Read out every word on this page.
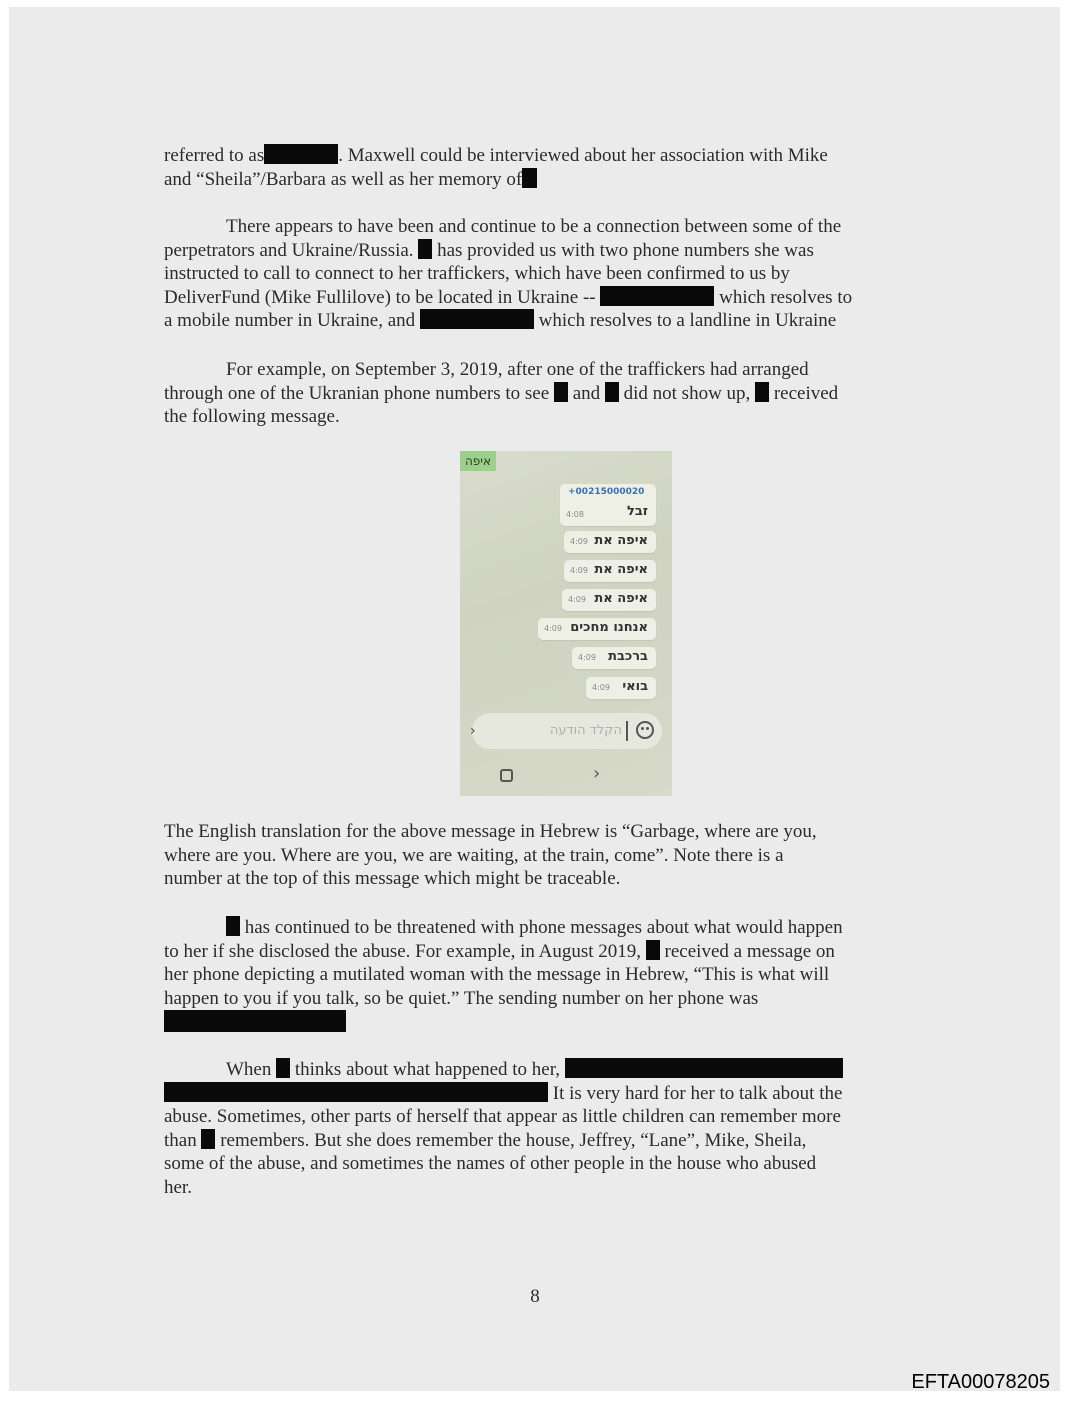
referred to as	. Maxwell could be interviewed about her association with Mike
and “Sheila”/Barbara as well as her memory of
There appears to have been and continue to be a connection between some of the
perpetrators and Ukraine/Russia.  has provided us with two phone numbers she was
instructed to call to connect to her traffickers, which have been confirmed to us by
DeliverFund (Mike Fullilove) to be located in Ukraine --	which resolves to
a mobile number in Ukraine, and	which resolves to a landline in Ukraine
For example, on September 3, 2019, after one of the traffickers had arranged
through one of the Ukranian phone numbers to see  and  did not show up,  received
the following message.
איפה
+00215000020
זבל
4:08
איפה את
4:09
איפה את
4:09
איפה את
4:09
אנחנו מחכים
4:09
ברכבת
4:09
בואי
4:09
›	הקלד הודעה
›
The English translation for the above message in Hebrew is “Garbage, where are you,
where are you. Where are you, we are waiting, at the train, come”. Note there is a
number at the top of this message which might be traceable.
has continued to be threatened with phone messages about what would happen
to her if she disclosed the abuse. For example, in August 2019,  received a message on
her phone depicting a mutilated woman with the message in Hebrew, “This is what will
happen to you if you talk, so be quiet.” The sending number on her phone was
When  thinks about what happened to her,
It is very hard for her to talk about the
abuse. Sometimes, other parts of herself that appear as little children can remember more
than  remembers. But she does remember the house, Jeffrey, “Lane”, Mike, Sheila,
some of the abuse, and sometimes the names of other people in the house who abused
her.
8
EFTA00078205
